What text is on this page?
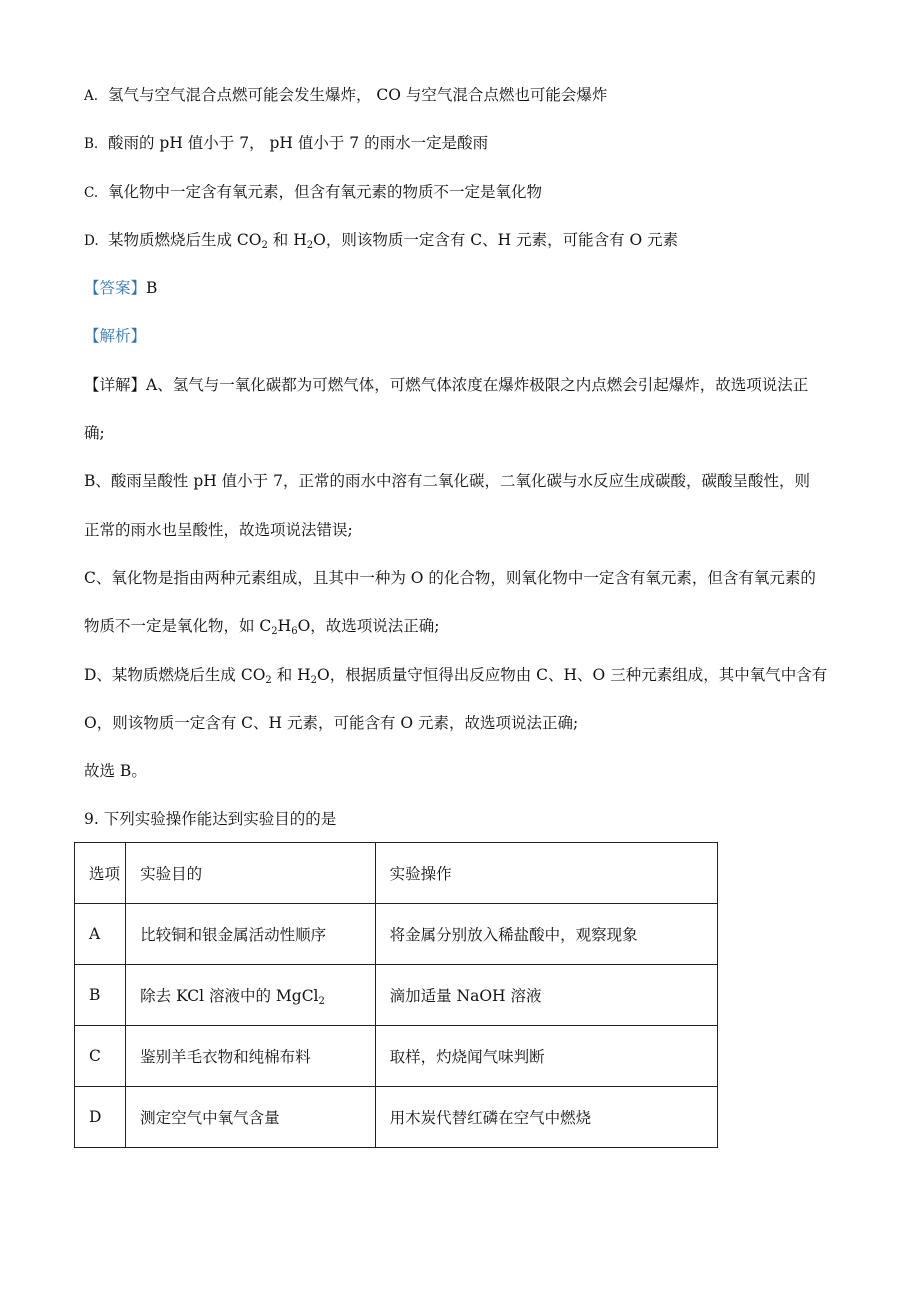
A. 氢气与空气混合点燃可能会发生爆炸， CO 与空气混合点燃也可能会爆炸
B. 酸雨的 pH 值小于 7， pH 值小于 7 的雨水一定是酸雨
C. 氧化物中一定含有氧元素，但含有氧元素的物质不一定是氧化物
D. 某物质燃烧后生成 $CO_2$ 和 $H_2O$，则该物质一定含有 C、H 元素，可能含有 O 元素
【答案】B
【解析】
【详解】A、氢气与一氧化碳都为可燃气体，可燃气体浓度在爆炸极限之内点燃会引起爆炸，故选项说法正
确;
B、酸雨呈酸性 pH 值小于 7，正常的雨水中溶有二氧化碳，二氧化碳与水反应生成碳酸，碳酸呈酸性，则
正常的雨水也呈酸性，故选项说法错误;
C、氧化物是指由两种元素组成，且其中一种为 O 的化合物，则氧化物中一定含有氧元素，但含有氧元素的
物质不一定是氧化物，如 $C_2H_6O$，故选项说法正确;
D、某物质燃烧后生成 $CO_2$ 和 $H_2O$，根据质量守恒得出反应物由 C、H、O 三种元素组成，其中氧气中含有
O，则该物质一定含有 C、H 元素，可能含有 O 元素，故选项说法正确;
故选 B。
9. 下列实验操作能达到实验目的的是
选项	实验目的	实验操作
A	比较铜和银金属活动性顺序	将金属分别放入稀盐酸中，观察现象
B	除去 KCl 溶液中的 MgCl$_2$	滴加适量 NaOH 溶液
C	鉴别羊毛衣物和纯棉布料	取样，灼烧闻气味判断
D	测定空气中氧气含量	用木炭代替红磷在空气中燃烧
